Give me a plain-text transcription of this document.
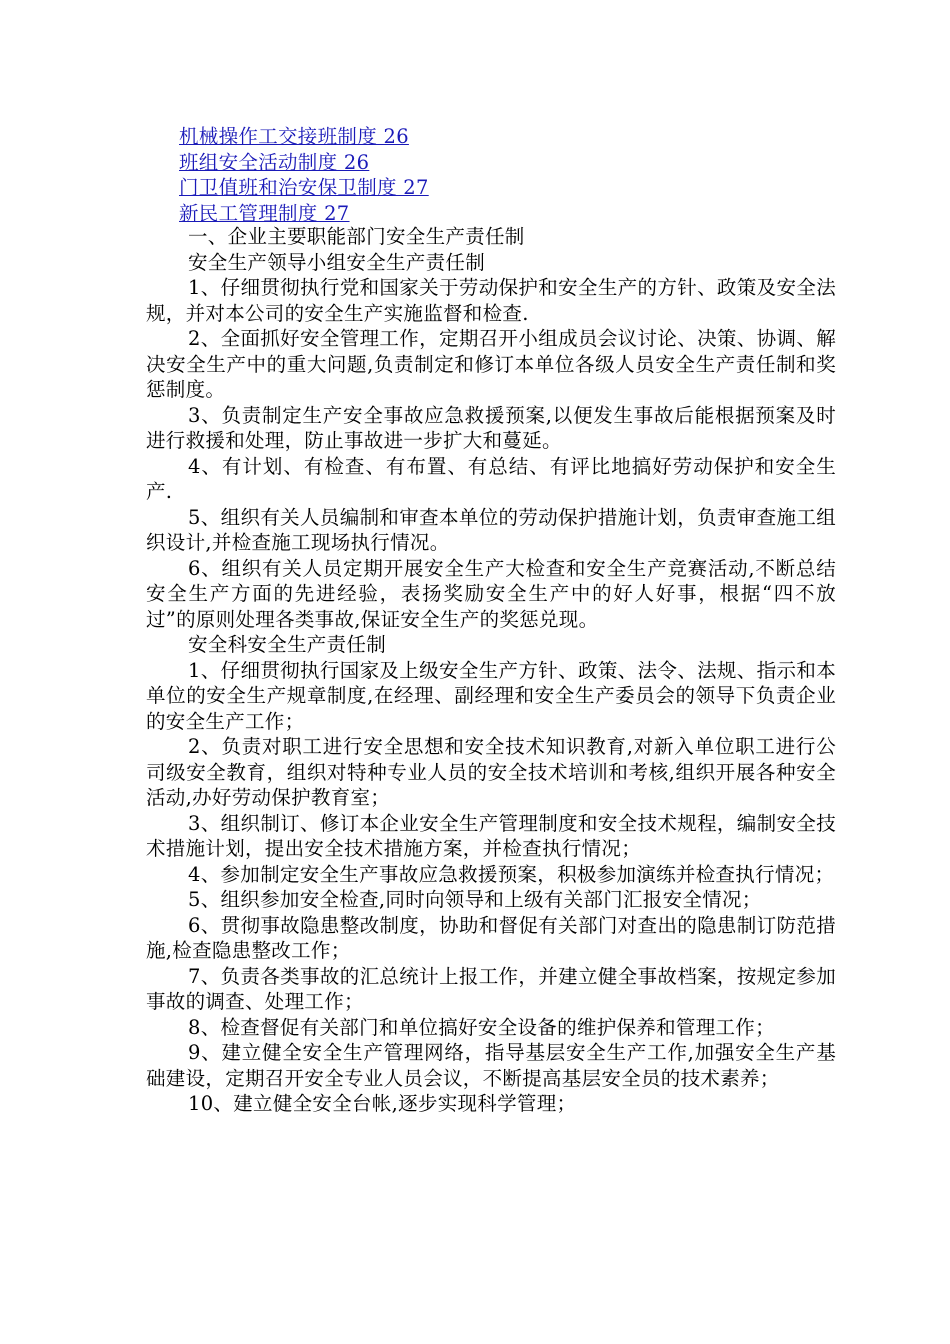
机械操作工交接班制度 26
班组安全活动制度 26
门卫值班和治安保卫制度 27
新民工管理制度 27

一、企业主要职能部门安全生产责任制

安全生产领导小组安全生产责任制

1、仔细贯彻执行党和国家关于劳动保护和安全生产的方针、政策及安全法规，并对本公司的安全生产实施监督和检查.

2、全面抓好安全管理工作，定期召开小组成员会议讨论、决策、协调、解决安全生产中的重大问题,负责制定和修订本单位各级人员安全生产责任制和奖惩制度。

3、负责制定生产安全事故应急救援预案,以便发生事故后能根据预案及时进行救援和处理，防止事故进一步扩大和蔓延。

4、有计划、有检查、有布置、有总结、有评比地搞好劳动保护和安全生产.

5、组织有关人员编制和审查本单位的劳动保护措施计划，负责审查施工组织设计,并检查施工现场执行情况。

6、组织有关人员定期开展安全生产大检查和安全生产竞赛活动,不断总结安全生产方面的先进经验，表扬奖励安全生产中的好人好事，根据“四不放过”的原则处理各类事故,保证安全生产的奖惩兑现。

安全科安全生产责任制

1、仔细贯彻执行国家及上级安全生产方针、政策、法令、法规、指示和本单位的安全生产规章制度,在经理、副经理和安全生产委员会的领导下负责企业的安全生产工作；

2、负责对职工进行安全思想和安全技术知识教育,对新入单位职工进行公司级安全教育，组织对特种专业人员的安全技术培训和考核,组织开展各种安全活动,办好劳动保护教育室；

3、组织制订、修订本企业安全生产管理制度和安全技术规程，编制安全技术措施计划，提出安全技术措施方案，并检查执行情况；

4、参加制定安全生产事故应急救援预案，积极参加演练并检查执行情况；

5、组织参加安全检查,同时向领导和上级有关部门汇报安全情况；

6、贯彻事故隐患整改制度，协助和督促有关部门对查出的隐患制订防范措施,检查隐患整改工作；

7、负责各类事故的汇总统计上报工作，并建立健全事故档案，按规定参加事故的调查、处理工作；

8、检查督促有关部门和单位搞好安全设备的维护保养和管理工作；

9、建立健全安全生产管理网络，指导基层安全生产工作,加强安全生产基础建设，定期召开安全专业人员会议，不断提高基层安全员的技术素养；

10、建立健全安全台帐,逐步实现科学管理；
